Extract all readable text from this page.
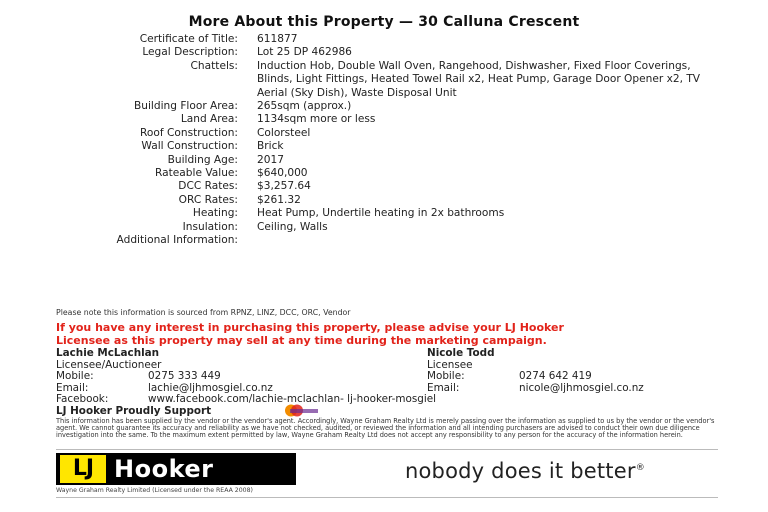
More About this Property — 30 Calluna Crescent
Certificate of Title: 611877
Legal Description: Lot 25 DP 462986
Chattels: Induction Hob, Double Wall Oven, Rangehood, Dishwasher, Fixed Floor Coverings, Blinds, Light Fittings, Heated Towel Rail x2, Heat Pump, Garage Door Opener x2, TV Aerial (Sky Dish), Waste Disposal Unit
Building Floor Area: 265sqm (approx.)
Land Area: 1134sqm more or less
Roof Construction: Colorsteel
Wall Construction: Brick
Building Age: 2017
Rateable Value: $640,000
DCC Rates: $3,257.64
ORC Rates: $261.32
Heating: Heat Pump, Undertile heating in 2x bathrooms
Insulation: Ceiling, Walls
Additional Information:

Please note this information is sourced from RPNZ, LINZ, DCC, ORC, Vendor
If you have any interest in purchasing this property, please advise your LJ Hooker
Licensee as this property may sell at any time during the marketing campaign.
Lachie McLachlan
Licensee/Auctioneer
Mobile:	0275 333 449
Email:	lachie@ljhmosgiel.co.nz
Nicole Todd
Licensee
Mobile:	0274 642 419
Email:	nicole@ljhmosgiel.co.nz
Facebook:	www.facebook.com/lachie-mclachlan- lj-hooker-mosgiel
LJ Hooker Proudly Support
This information has been supplied by the vendor or the vendor's agent. Accordingly, Wayne Graham Realty Ltd is merely passing over the information as supplied to us by the vendor or the vendor's agent. We cannot guarantee its accuracy and reliability as we have not checked, audited, or reviewed the information and all intending purchasers are advised to conduct their own due diligence investigation into the same. To the maximum extent permitted by law, Wayne Graham Realty Ltd does not accept any responsibility to any person for the accuracy of the information herein.
LJ Hooker
Wayne Graham Realty Limited (Licensed under the REAA 2008)
nobody does it better®
